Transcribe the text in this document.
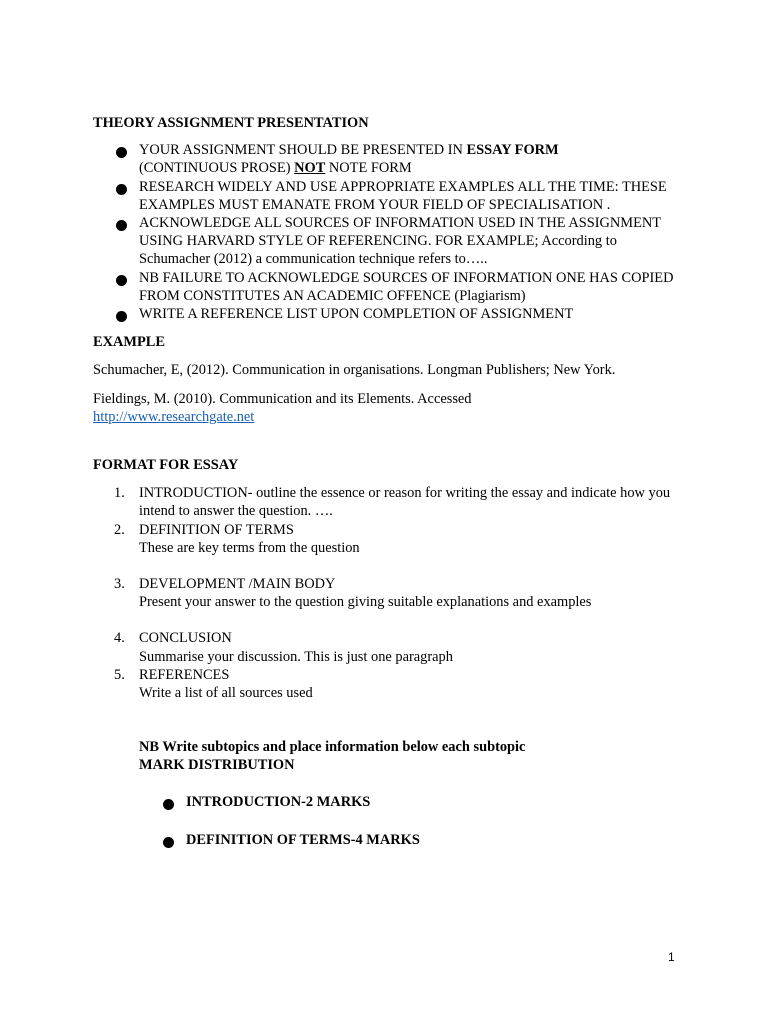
THEORY ASSIGNMENT PRESENTATION

YOUR ASSIGNMENT SHOULD BE PRESENTED IN ESSAY FORM
(CONTINUOUS PROSE) NOT NOTE FORM
RESEARCH WIDELY AND USE APPROPRIATE EXAMPLES ALL THE TIME: THESE EXAMPLES MUST EMANATE FROM YOUR FIELD OF SPECIALISATION .
ACKNOWLEDGE ALL SOURCES OF INFORMATION USED IN THE ASSIGNMENT USING HARVARD STYLE OF REFERENCING. FOR EXAMPLE; According to Schumacher (2012) a communication technique refers to…..
NB FAILURE TO ACKNOWLEDGE SOURCES OF INFORMATION ONE HAS COPIED FROM CONSTITUTES AN ACADEMIC OFFENCE (Plagiarism)
WRITE A REFERENCE LIST UPON COMPLETION OF ASSIGNMENT

EXAMPLE

Schumacher, E, (2012). Communication in organisations. Longman Publishers; New York.

Fieldings, M. (2010). Communication and its Elements. Accessed
http://www.researchgate.net

FORMAT FOR ESSAY

1. INTRODUCTION- outline the essence or reason for writing the essay and indicate how you intend to answer the question. ….
2. DEFINITION OF TERMS
These are key terms from the question
3. DEVELOPMENT /MAIN BODY
Present your answer to the question giving suitable explanations and examples
4. CONCLUSION
Summarise your discussion. This is just one paragraph
5. REFERENCES
Write a list of all sources used

NB Write subtopics and place information below each subtopic
MARK DISTRIBUTION

INTRODUCTION-2 MARKS
DEFINITION OF TERMS-4 MARKS
1
